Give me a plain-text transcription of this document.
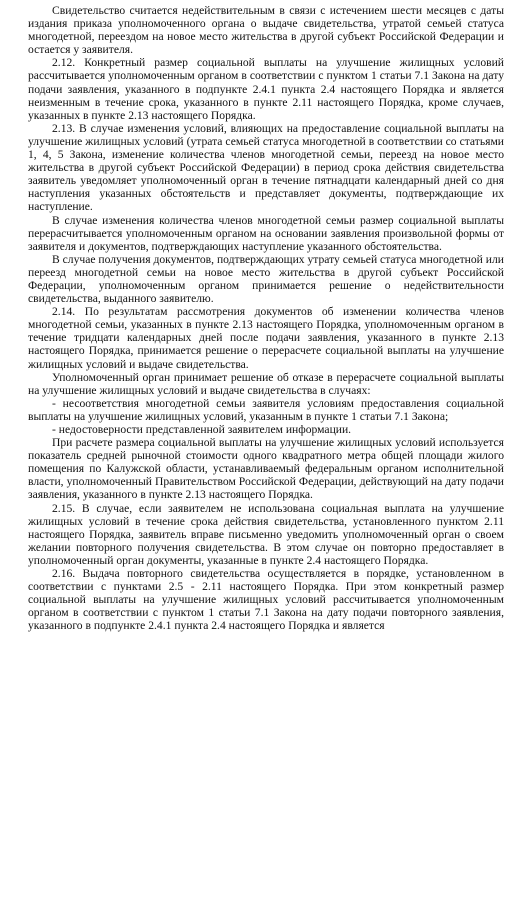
Свидетельство считается недействительным в связи с истечением шести месяцев с даты издания приказа уполномоченного органа о выдаче свидетельства, утратой семьей статуса многодетной, переездом на новое место жительства в другой субъект Российской Федерации и остается у заявителя.

2.12. Конкретный размер социальной выплаты на улучшение жилищных условий рассчитывается уполномоченным органом в соответствии с пунктом 1 статьи 7.1 Закона на дату подачи заявления, указанного в подпункте 2.4.1 пункта 2.4 настоящего Порядка и является неизменным в течение срока, указанного в пункте 2.11 настоящего Порядка, кроме случаев, указанных в пункте 2.13 настоящего Порядка.

2.13. В случае изменения условий, влияющих на предоставление социальной выплаты на улучшение жилищных условий (утрата семьей статуса многодетной в соответствии со статьями 1, 4, 5 Закона, изменение количества членов многодетной семьи, переезд на новое место жительства в другой субъект Российской Федерации) в период срока действия свидетельства заявитель уведомляет уполномоченный орган в течение пятнадцати календарный дней со дня наступления указанных обстоятельств и представляет документы, подтверждающие их наступление.

В случае изменения количества членов многодетной семьи размер социальной выплаты перерасчитывается уполномоченным органом на основании заявления произвольной формы от заявителя и документов, подтверждающих наступление указанного обстоятельства.

В случае получения документов, подтверждающих утрату семьей статуса многодетной или переезд многодетной семьи на новое место жительства в другой субъект Российской Федерации, уполномоченным органом принимается решение о недействительности свидетельства, выданного заявителю.

2.14. По результатам рассмотрения документов об изменении количества членов многодетной семьи, указанных в пункте 2.13 настоящего Порядка, уполномоченным органом в течение тридцати календарных дней после подачи заявления, указанного в пункте 2.13 настоящего Порядка, принимается решение о перерасчете социальной выплаты на улучшение жилищных условий и выдаче свидетельства.

Уполномоченный орган принимает решение об отказе в перерасчете социальной выплаты на улучшение жилищных условий и выдаче свидетельства в случаях:

- несоответствия многодетной семьи заявителя условиям предоставления социальной выплаты на улучшение жилищных условий, указанным в пункте 1 статьи 7.1 Закона;

- недостоверности представленной заявителем информации.

При расчете размера социальной выплаты на улучшение жилищных условий используется показатель средней рыночной стоимости одного квадратного метра общей площади жилого помещения по Калужской области, устанавливаемый федеральным органом исполнительной власти, уполномоченный Правительством Российской Федерации, действующий на дату подачи заявления, указанного в пункте 2.13 настоящего Порядка.

2.15. В случае, если заявителем не использована социальная выплата на улучшение жилищных условий в течение срока действия свидетельства, установленного пунктом 2.11 настоящего Порядка, заявитель вправе письменно уведомить уполномоченный орган о своем желании повторного получения свидетельства. В этом случае он повторно предоставляет в уполномоченный орган документы, указанные в пункте 2.4 настоящего Порядка.

2.16. Выдача повторного свидетельства осуществляется в порядке, установленном в соответствии с пунктами 2.5 - 2.11 настоящего Порядка. При этом конкретный размер социальной выплаты на улучшение жилищных условий рассчитывается уполномоченным органом в соответствии с пунктом 1 статьи 7.1 Закона на дату подачи повторного заявления, указанного в подпункте 2.4.1 пункта 2.4 настоящего Порядка и является
